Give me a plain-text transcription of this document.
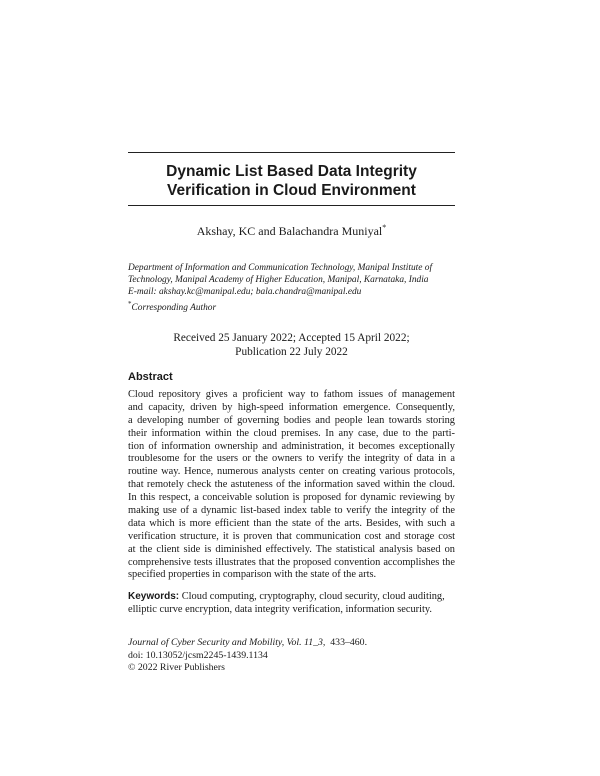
Dynamic List Based Data Integrity
Verification in Cloud Environment
Akshay, KC and Balachandra Muniyal*
Department of Information and Communication Technology, Manipal Institute of
Technology, Manipal Academy of Higher Education, Manipal, Karnataka, India
E-mail: akshay.kc@manipal.edu; bala.chandra@manipal.edu
*Corresponding Author
Received 25 January 2022; Accepted 15 April 2022;
Publication 22 July 2022
Abstract
Cloud repository gives a proficient way to fathom issues of management
and capacity, driven by high-speed information emergence. Consequently,
a developing number of governing bodies and people lean towards storing
their information within the cloud premises. In any case, due to the parti-
tion of information ownership and administration, it becomes exceptionally
troublesome for the users or the owners to verify the integrity of data in a
routine way. Hence, numerous analysts center on creating various protocols,
that remotely check the astuteness of the information saved within the cloud.
In this respect, a conceivable solution is proposed for dynamic reviewing by
making use of a dynamic list-based index table to verify the integrity of the
data which is more efficient than the state of the arts. Besides, with such a
verification structure, it is proven that communication cost and storage cost
at the client side is diminished effectively. The statistical analysis based on
comprehensive tests illustrates that the proposed convention accomplishes the
specified properties in comparison with the state of the arts.
Keywords: Cloud computing, cryptography, cloud security, cloud auditing,
elliptic curve encryption, data integrity verification, information security.
Journal of Cyber Security and Mobility, Vol. 11_3, 433–460.
doi: 10.13052/jcsm2245-1439.1134
© 2022 River Publishers
